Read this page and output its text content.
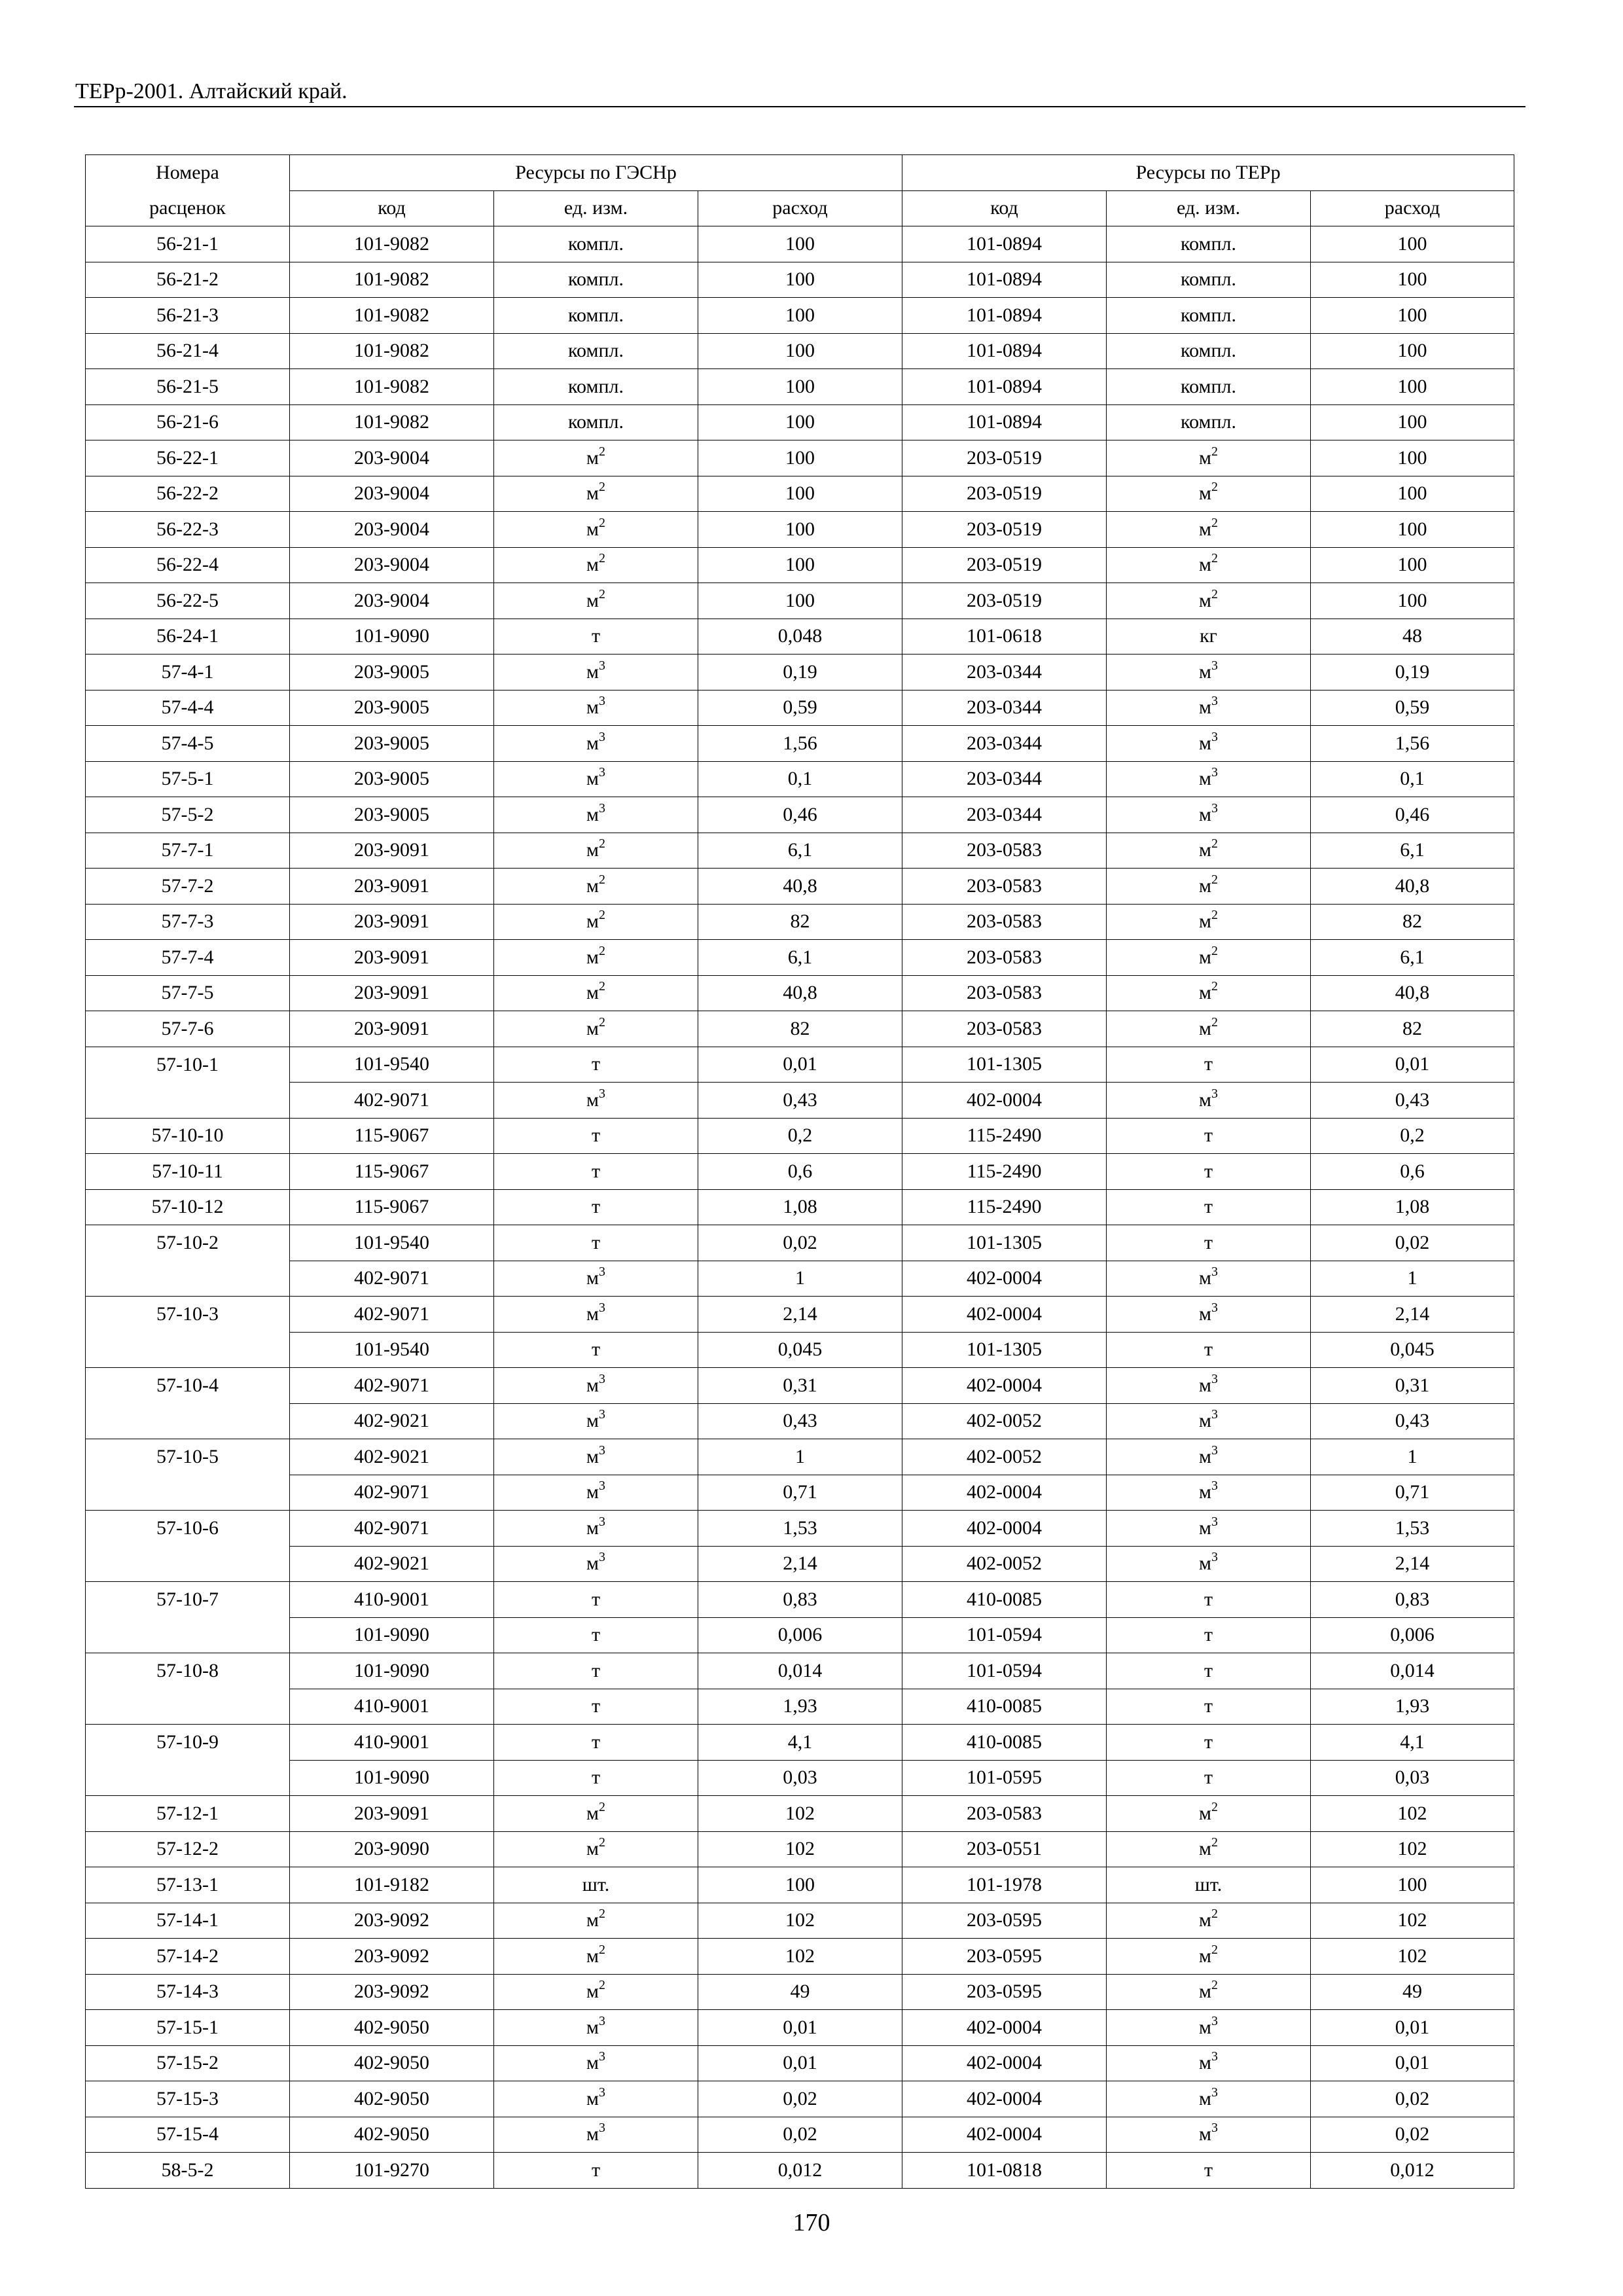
ТЕРр-2001. Алтайский край.
Номера	Ресурсы по ГЭСНр			Ресурсы по ТЕРр		
расценок	код	ед. изм.	расход	код	ед. изм.	расход
56-21-1	101-9082	компл.	100	101-0894	компл.	100
56-21-2	101-9082	компл.	100	101-0894	компл.	100
56-21-3	101-9082	компл.	100	101-0894	компл.	100
56-21-4	101-9082	компл.	100	101-0894	компл.	100
56-21-5	101-9082	компл.	100	101-0894	компл.	100
56-21-6	101-9082	компл.	100	101-0894	компл.	100
56-22-1	203-9004	$м^2$	100	203-0519	$м^2$	100
56-22-2	203-9004	$м^2$	100	203-0519	$м^2$	100
56-22-3	203-9004	$м^2$	100	203-0519	$м^2$	100
56-22-4	203-9004	$м^2$	100	203-0519	$м^2$	100
56-22-5	203-9004	$м^2$	100	203-0519	$м^2$	100
56-24-1	101-9090	т	0,048	101-0618	кг	48
57-4-1	203-9005	$м^3$	0,19	203-0344	$м^3$	0,19
57-4-4	203-9005	$м^3$	0,59	203-0344	$м^3$	0,59
57-4-5	203-9005	$м^3$	1,56	203-0344	$м^3$	1,56
57-5-1	203-9005	$м^3$	0,1	203-0344	$м^3$	0,1
57-5-2	203-9005	$м^3$	0,46	203-0344	$м^3$	0,46
57-7-1	203-9091	$м^2$	6,1	203-0583	$м^2$	6,1
57-7-2	203-9091	$м^2$	40,8	203-0583	$м^2$	40,8
57-7-3	203-9091	$м^2$	82	203-0583	$м^2$	82
57-7-4	203-9091	$м^2$	6,1	203-0583	$м^2$	6,1
57-7-5	203-9091	$м^2$	40,8	203-0583	$м^2$	40,8
57-7-6	203-9091	$м^2$	82	203-0583	$м^2$	82
57-10-1	101-9540	т	0,01	101-1305	т	0,01
	402-9071	$м^3$	0,43	402-0004	$м^3$	0,43
57-10-10	115-9067	т	0,2	115-2490	т	0,2
57-10-11	115-9067	т	0,6	115-2490	т	0,6
57-10-12	115-9067	т	1,08	115-2490	т	1,08
57-10-2	101-9540	т	0,02	101-1305	т	0,02
	402-9071	$м^3$	1	402-0004	$м^3$	1
57-10-3	402-9071	$м^3$	2,14	402-0004	$м^3$	2,14
	101-9540	т	0,045	101-1305	т	0,045
57-10-4	402-9071	$м^3$	0,31	402-0004	$м^3$	0,31
	402-9021	$м^3$	0,43	402-0052	$м^3$	0,43
57-10-5	402-9021	$м^3$	1	402-0052	$м^3$	1
	402-9071	$м^3$	0,71	402-0004	$м^3$	0,71
57-10-6	402-9071	$м^3$	1,53	402-0004	$м^3$	1,53
	402-9021	$м^3$	2,14	402-0052	$м^3$	2,14
57-10-7	410-9001	т	0,83	410-0085	т	0,83
	101-9090	т	0,006	101-0594	т	0,006
57-10-8	101-9090	т	0,014	101-0594	т	0,014
	410-9001	т	1,93	410-0085	т	1,93
57-10-9	410-9001	т	4,1	410-0085	т	4,1
	101-9090	т	0,03	101-0595	т	0,03
57-12-1	203-9091	$м^2$	102	203-0583	$м^2$	102
57-12-2	203-9090	$м^2$	102	203-0551	$м^2$	102
57-13-1	101-9182	шт.	100	101-1978	шт.	100
57-14-1	203-9092	$м^2$	102	203-0595	$м^2$	102
57-14-2	203-9092	$м^2$	102	203-0595	$м^2$	102
57-14-3	203-9092	$м^2$	49	203-0595	$м^2$	49
57-15-1	402-9050	$м^3$	0,01	402-0004	$м^3$	0,01
57-15-2	402-9050	$м^3$	0,01	402-0004	$м^3$	0,01
57-15-3	402-9050	$м^3$	0,02	402-0004	$м^3$	0,02
57-15-4	402-9050	$м^3$	0,02	402-0004	$м^3$	0,02
58-5-2	101-9270	т	0,012	101-0818	т	0,012
170
